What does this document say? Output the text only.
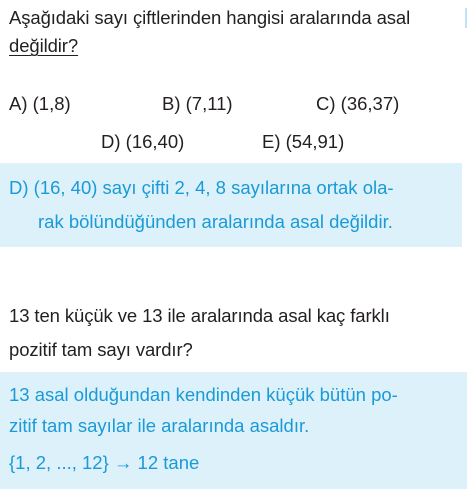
Aşağıdaki sayı çiftlerinden hangisi aralarında asal
değildir?
A) (1,8)	B) (7,11)	C) (36,37)
D) (16,40)	E) (54,91)
D) (16, 40) sayı çifti 2, 4, 8 sayılarına ortak ola-
rak bölündüğünden aralarında asal değildir.
13 ten küçük ve 13 ile aralarında asal kaç farklı
pozitif tam sayı vardır?
13 asal olduğundan kendinden küçük bütün po-
zitif tam sayılar ile aralarında asaldır.
{1, 2, ..., 12} → 12 tane
